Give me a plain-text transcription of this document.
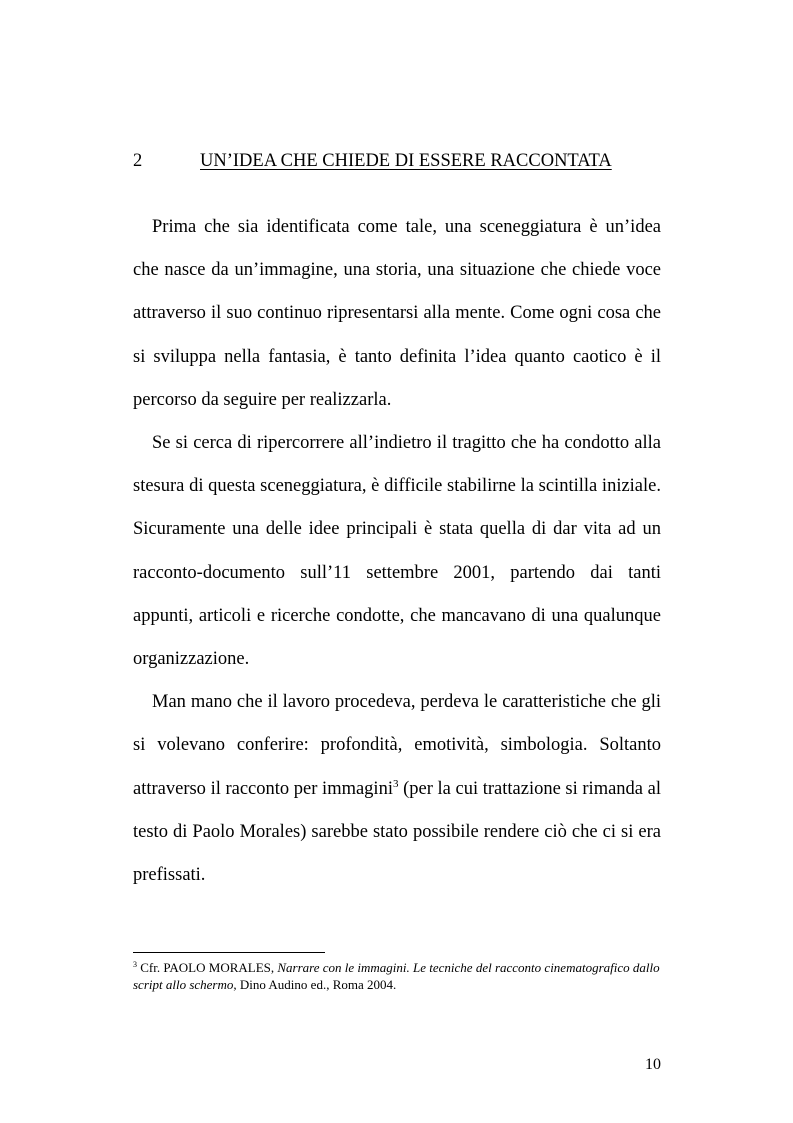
2	UN’IDEA CHE CHIEDE DI ESSERE RACCONTATA

Prima che sia identificata come tale, una sceneggiatura è un’idea che nasce da un’immagine, una storia, una situazione che chiede voce attraverso il suo continuo ripresentarsi alla mente. Come ogni cosa che si sviluppa nella fantasia, è tanto definita l’idea quanto caotico è il percorso da seguire per realizzarla.

Se si cerca di ripercorrere all’indietro il tragitto che ha condotto alla stesura di questa sceneggiatura, è difficile stabilirne la scintilla iniziale. Sicuramente una delle idee principali è stata quella di dar vita ad un racconto-documento sull’11 settembre 2001, partendo dai tanti appunti, articoli e ricerche condotte, che mancavano di una qualunque organizzazione.

Man mano che il lavoro procedeva, perdeva le caratteristiche che gli si volevano conferire: profondità, emotività, simbologia. Soltanto attraverso il racconto per immagini$^3$ (per la cui trattazione si rimanda al testo di Paolo Morales) sarebbe stato possibile rendere ciò che ci si era prefissati.

$^3$ Cfr. PAOLO MORALES, Narrare con le immagini. Le tecniche del racconto cinematografico dallo script allo schermo, Dino Audino ed., Roma 2004.
10
